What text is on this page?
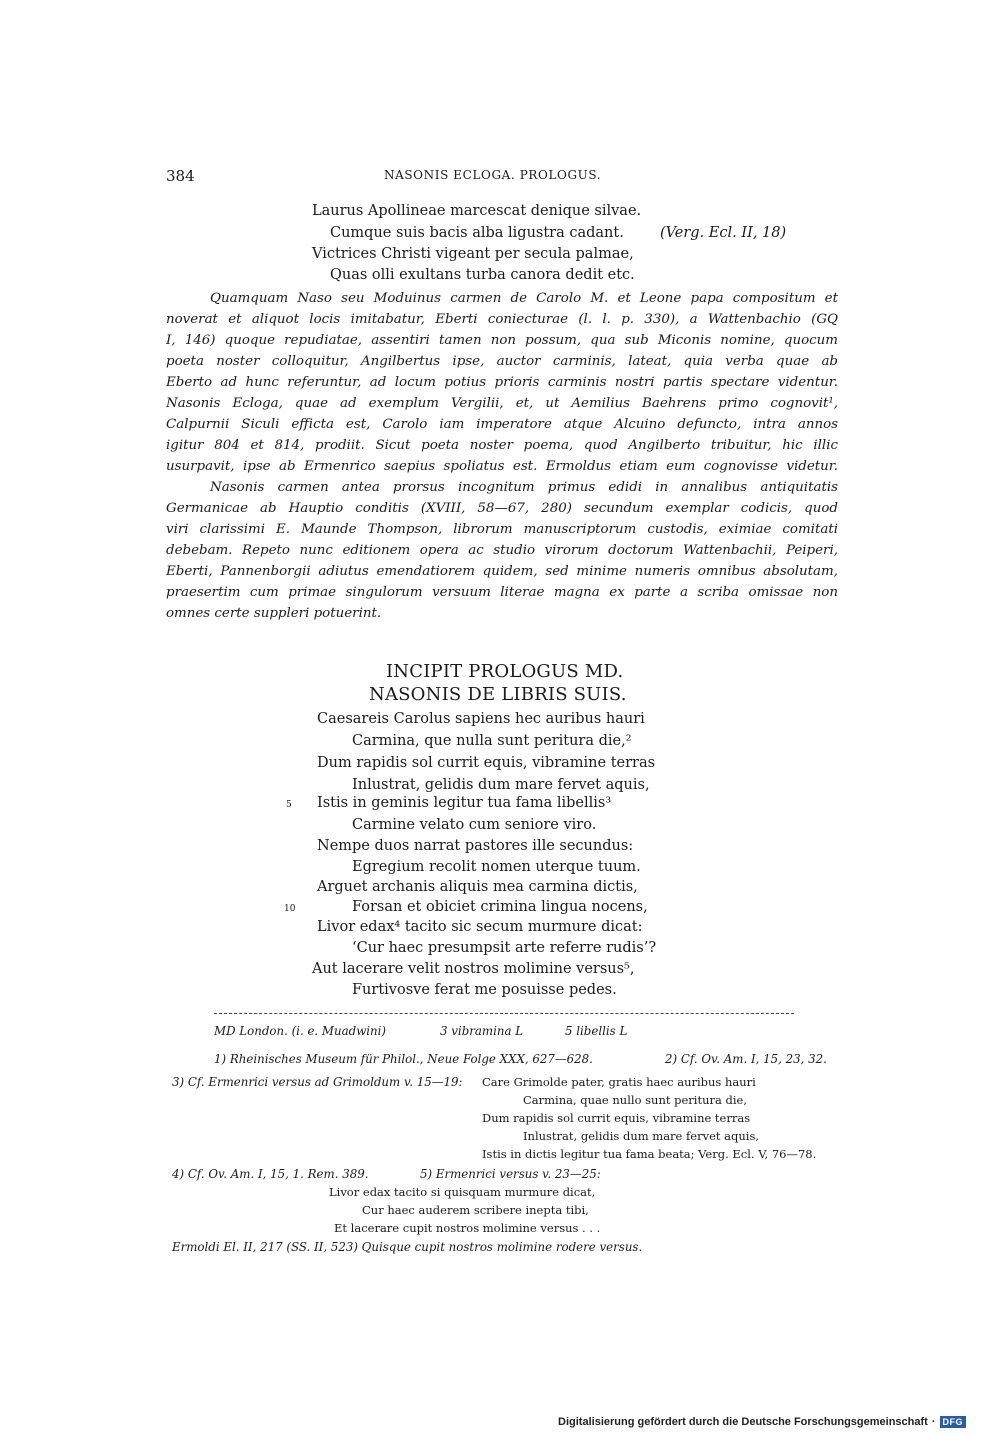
384	NASONIS ECLOGA. PROLOGUS.
Laurus Apollineae marcescat denique silvae.
Cumque suis bacis alba ligustra cadant. (Verg. Ecl. II, 18)
Victrices Christi vigeant per secula palmae,
Quas olli exultans turba canora dedit etc.
Quamquam Naso seu Moduinus carmen de Carolo M. et Leone papa compositum et
noverat et aliquot locis imitabatur, Eberti coniecturae (l. l. p. 330), a Wattenbachio (GQ
I, 146) quoque repudiatae, assentiri tamen non possum, qua sub Miconis nomine, quocum
poeta noster colloquitur, Angilbertus ipse, auctor carminis, lateat, quia verba quae ab
Eberto ad hunc referuntur, ad locum potius prioris carminis nostri partis spectare videntur.
Nasonis Ecloga, quae ad exemplum Vergilii, et, ut Aemilius Baehrens primo cognovit¹,
Calpurnii Siculi efficta est, Carolo iam imperatore atque Alcuino defuncto, intra annos
igitur 804 et 814, prodiit. Sicut poeta noster poema, quod Angilberto tribuitur, hic illic
usurpavit, ipse ab Ermenrico saepius spoliatus est. Ermoldus etiam eum cognovisse videtur.
Nasonis carmen antea prorsus incognitum primus edidi in annalibus antiquitatis
Germanicae ab Hauptio conditis (XVIII, 58—67, 280) secundum exemplar codicis, quod
viri clarissimi E. Maunde Thompson, librorum manuscriptorum custodis, eximiae comitati
debebam. Repeto nunc editionem opera ac studio virorum doctorum Wattenbachii, Peiperi,
Eberti, Pannenborgii adiutus emendatiorem quidem, sed minime numeris omnibus absolutam,
praesertim cum primae singulorum versuum literae magna ex parte a scriba omissae non
omnes certe suppleri potuerint.
INCIPIT PROLOGUS MD.
NASONIS DE LIBRIS SUIS.
Caesareis Carolus sapiens hec auribus hauri
Carmina, que nulla sunt peritura die,²
Dum rapidis sol currit equis, vibramine terras
Inlustrat, gelidis dum mare fervet aquis,
5 Istis in geminis legitur tua fama libellis³
Carmine velato cum seniore viro.
Nempe duos narrat pastores ille secundus:
Egregium recolit nomen uterque tuum.
Arguet archanis aliquis mea carmina dictis,
10	Forsan et obiciet crimina lingua nocens,
Livor edax⁴ tacito sic secum murmure dicat:
‘Cur haec presumpsit arte referre rudis’?
Aut lacerare velit nostros molimine versus⁵,
Furtivosve ferat me posuisse pedes.
MD London. (i. e. Muadwini)	3 vibramina L	5 libellis L
1) Rheinisches Museum für Philol., Neue Folge XXX, 627—628.	2) Cf. Ov. Am. I, 15, 23, 32.
3) Cf. Ermenrici versus ad Grimoldum v. 15—19: Care Grimolde pater, gratis haec auribus hauri
Carmina, quae nullo sunt peritura die,
Dum rapidis sol currit equis, vibramine terras
Inlustrat, gelidis dum mare fervet aquis,
Istis in dictis legitur tua fama beata; Verg. Ecl. V, 76—78.
4) Cf. Ov. Am. I, 15, 1. Rem. 389.	5) Ermenrici versus v. 23—25:
Livor edax tacito si quisquam murmure dicat,
Cur haec auderem scribere inepta tibi,
Et lacerare cupit nostros molimine versus . . .
Ermoldi El. II, 217 (SS. II, 523) Quisque cupit nostros molimine rodere versus.
Digitalisierung gefördert durch die Deutsche Forschungsgemeinschaft · DFG
